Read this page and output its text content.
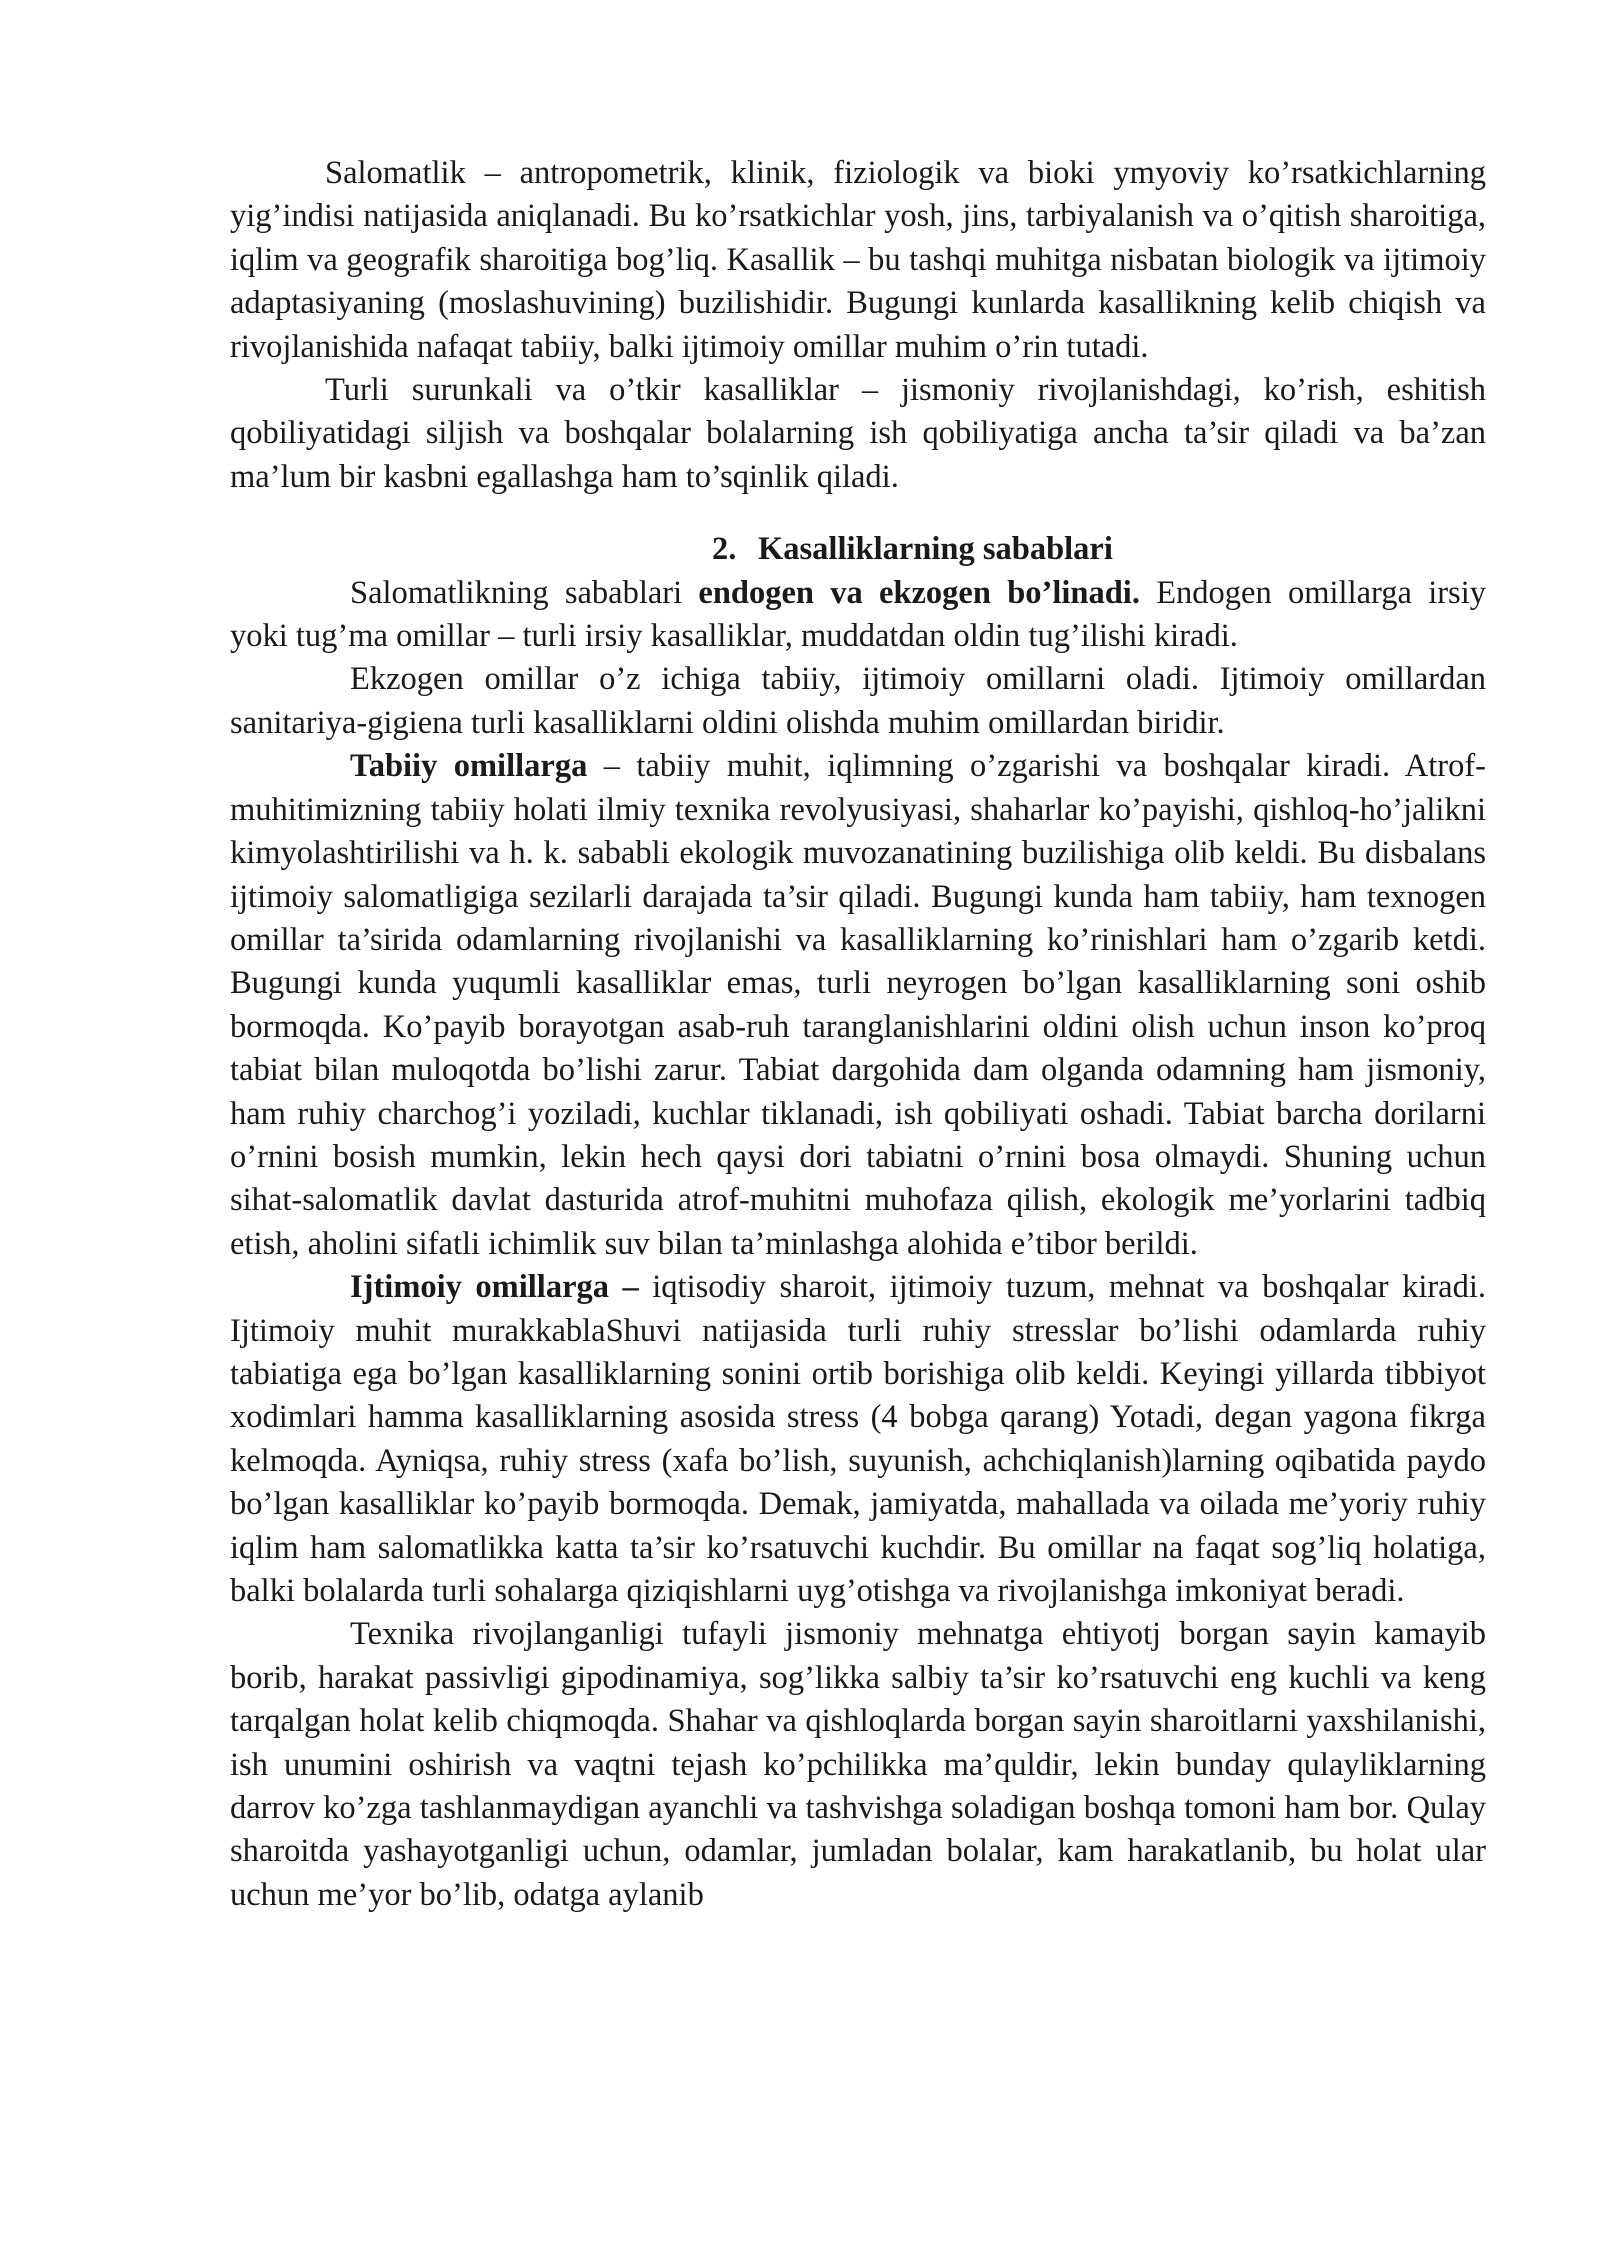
Salomatlik – antropometrik, klinik, fiziologik va bioki ymyoviy ko’rsatkichlarning yig’indisi natijasida aniqlanadi. Bu ko’rsatkichlar yosh, jins, tarbiyalanish va o’qitish sharoitiga, iqlim va geografik sharoitiga bog’liq. Kasallik – bu tashqi muhitga nisbatan biologik va ijtimoiy adaptasiyaning (moslashuvining) buzilishidir. Bugungi kunlarda kasallikning kelib chiqish va rivojlanishida nafaqat tabiiy, balki ijtimoiy omillar muhim o’rin tutadi.

Turli surunkali va o’tkir kasalliklar – jismoniy rivojlanishdagi, ko’rish, eshitish qobiliyatidagi siljish va boshqalar bolalarning ish qobiliyatiga ancha ta’sir qiladi va ba’zan ma’lum bir kasbni egallashga ham to’sqinlik qiladi.

2. Kasalliklarning sabablari

Salomatlikning sabablari endogen va ekzogen bo’linadi. Endogen omillarga irsiy yoki tug’ma omillar – turli irsiy kasalliklar, muddatdan oldin tug’ilishi kiradi.

Ekzogen omillar o’z ichiga tabiiy, ijtimoiy omillarni oladi. Ijtimoiy omillardan sanitariya-gigiena turli kasalliklarni oldini olishda muhim omillardan biridir.

Tabiiy omillarga – tabiiy muhit, iqlimning o’zgarishi va boshqalar kiradi. Atrof-muhitimizning tabiiy holati ilmiy texnika revolyusiyasi, shaharlar ko’payishi, qishloq-ho’jalikni kimyolashtirilishi va h. k. sababli ekologik muvozanatining buzilishiga olib keldi. Bu disbalans ijtimoiy salomatligiga sezilarli darajada ta’sir qiladi. Bugungi kunda ham tabiiy, ham texnogen omillar ta’sirida odamlarning rivojlanishi va kasalliklarning ko’rinishlari ham o’zgarib ketdi. Bugungi kunda yuqumli kasalliklar emas, turli neyrogen bo’lgan kasalliklarning soni oshib bormoqda. Ko’payib borayotgan asab-ruh taranglanishlarini oldini olish uchun inson ko’proq tabiat bilan muloqotda bo’lishi zarur. Tabiat dargohida dam olganda odamning ham jismoniy, ham ruhiy charchog’i yoziladi, kuchlar tiklanadi, ish qobiliyati oshadi. Tabiat barcha dorilarni o’rnini bosish mumkin, lekin hech qaysi dori tabiatni o’rnini bosa olmaydi. Shuning uchun sihat-salomatlik davlat dasturida atrof-muhitni muhofaza qilish, ekologik me’yorlarini tadbiq etish, aholini sifatli ichimlik suv bilan ta’minlashga alohida e’tibor berildi.

Ijtimoiy omillarga – iqtisodiy sharoit, ijtimoiy tuzum, mehnat va boshqalar kiradi. Ijtimoiy muhit murakkablaShuvi natijasida turli ruhiy stresslar bo’lishi odamlarda ruhiy tabiatiga ega bo’lgan kasalliklarning sonini ortib borishiga olib keldi. Keyingi yillarda tibbiyot xodimlari hamma kasalliklarning asosida stress (4 bobga qarang) Yotadi, degan yagona fikrga kelmoqda. Ayniqsa, ruhiy stress (xafa bo’lish, suyunish, achchiqlanish)larning oqibatida paydo bo’lgan kasalliklar ko’payib bormoqda. Demak, jamiyatda, mahallada va oilada me’yoriy ruhiy iqlim ham salomatlikka katta ta’sir ko’rsatuvchi kuchdir. Bu omillar na faqat sog’liq holatiga, balki bolalarda turli sohalarga qiziqishlarni uyg’otishga va rivojlanishga imkoniyat beradi.

Texnika rivojlanganligi tufayli jismoniy mehnatga ehtiyotj borgan sayin kamayib borib, harakat passivligi gipodinamiya, sog’likka salbiy ta’sir ko’rsatuvchi eng kuchli va keng tarqalgan holat kelib chiqmoqda. Shahar va qishloqlarda borgan sayin sharoitlarni yaxshilanishi, ish unumini oshirish va vaqtni tejash ko’pchilikka ma’quldir, lekin bunday qulayliklarning darrov ko’zga tashlanmaydigan ayanchli va tashvishga soladigan boshqa tomoni ham bor. Qulay sharoitda yashayotganligi uchun, odamlar, jumladan bolalar, kam harakatlanib, bu holat ular uchun me’yor bo’lib, odatga aylanib
